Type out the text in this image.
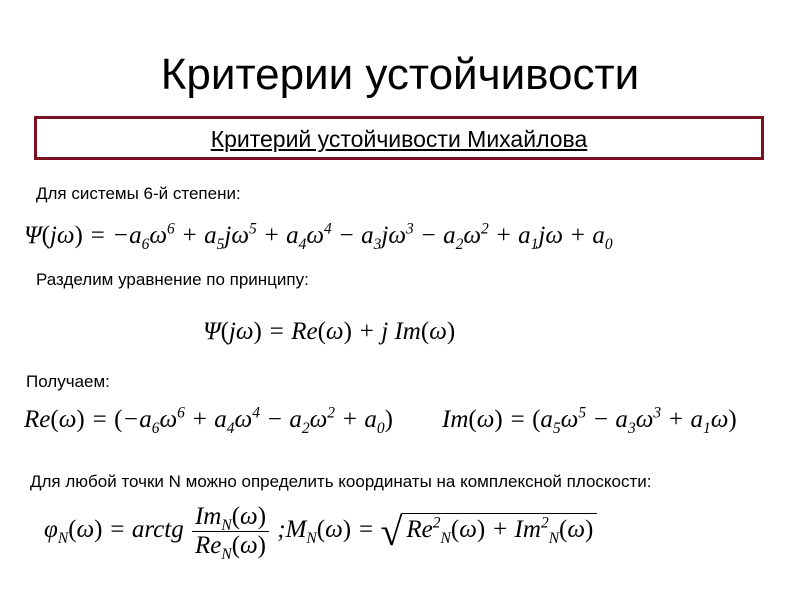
Критерии устойчивости
Критерий устойчивости Михайлова
Для системы 6-й степени:
$\Psi(j\omega) = -a_6\omega^6 + a_5j\omega^5 + a_4\omega^4 - a_3j\omega^3 - a_2\omega^2 + a_1j\omega + a_0$
Разделим уравнение по принципу:
Ψ(jω) = Re(ω) + j Im(ω)
Получаем:
$Re(\omega) = (-a_6\omega^6 + a_4\omega^4 - a_2\omega^2 + a_0) Im(\omega) = (a_5\omega^5 - a_3\omega^3 + a_1\omega)$
Для любой точки N можно определить координаты на комплексной плоскости:
$\varphi_N(\omega)$ = arctg $\frac{Im_N(\omega)}{Re_N(\omega)}$ $;M_N(\omega)$ = √ $Re^2_N(\omega) + Im^2_N(\omega)$
